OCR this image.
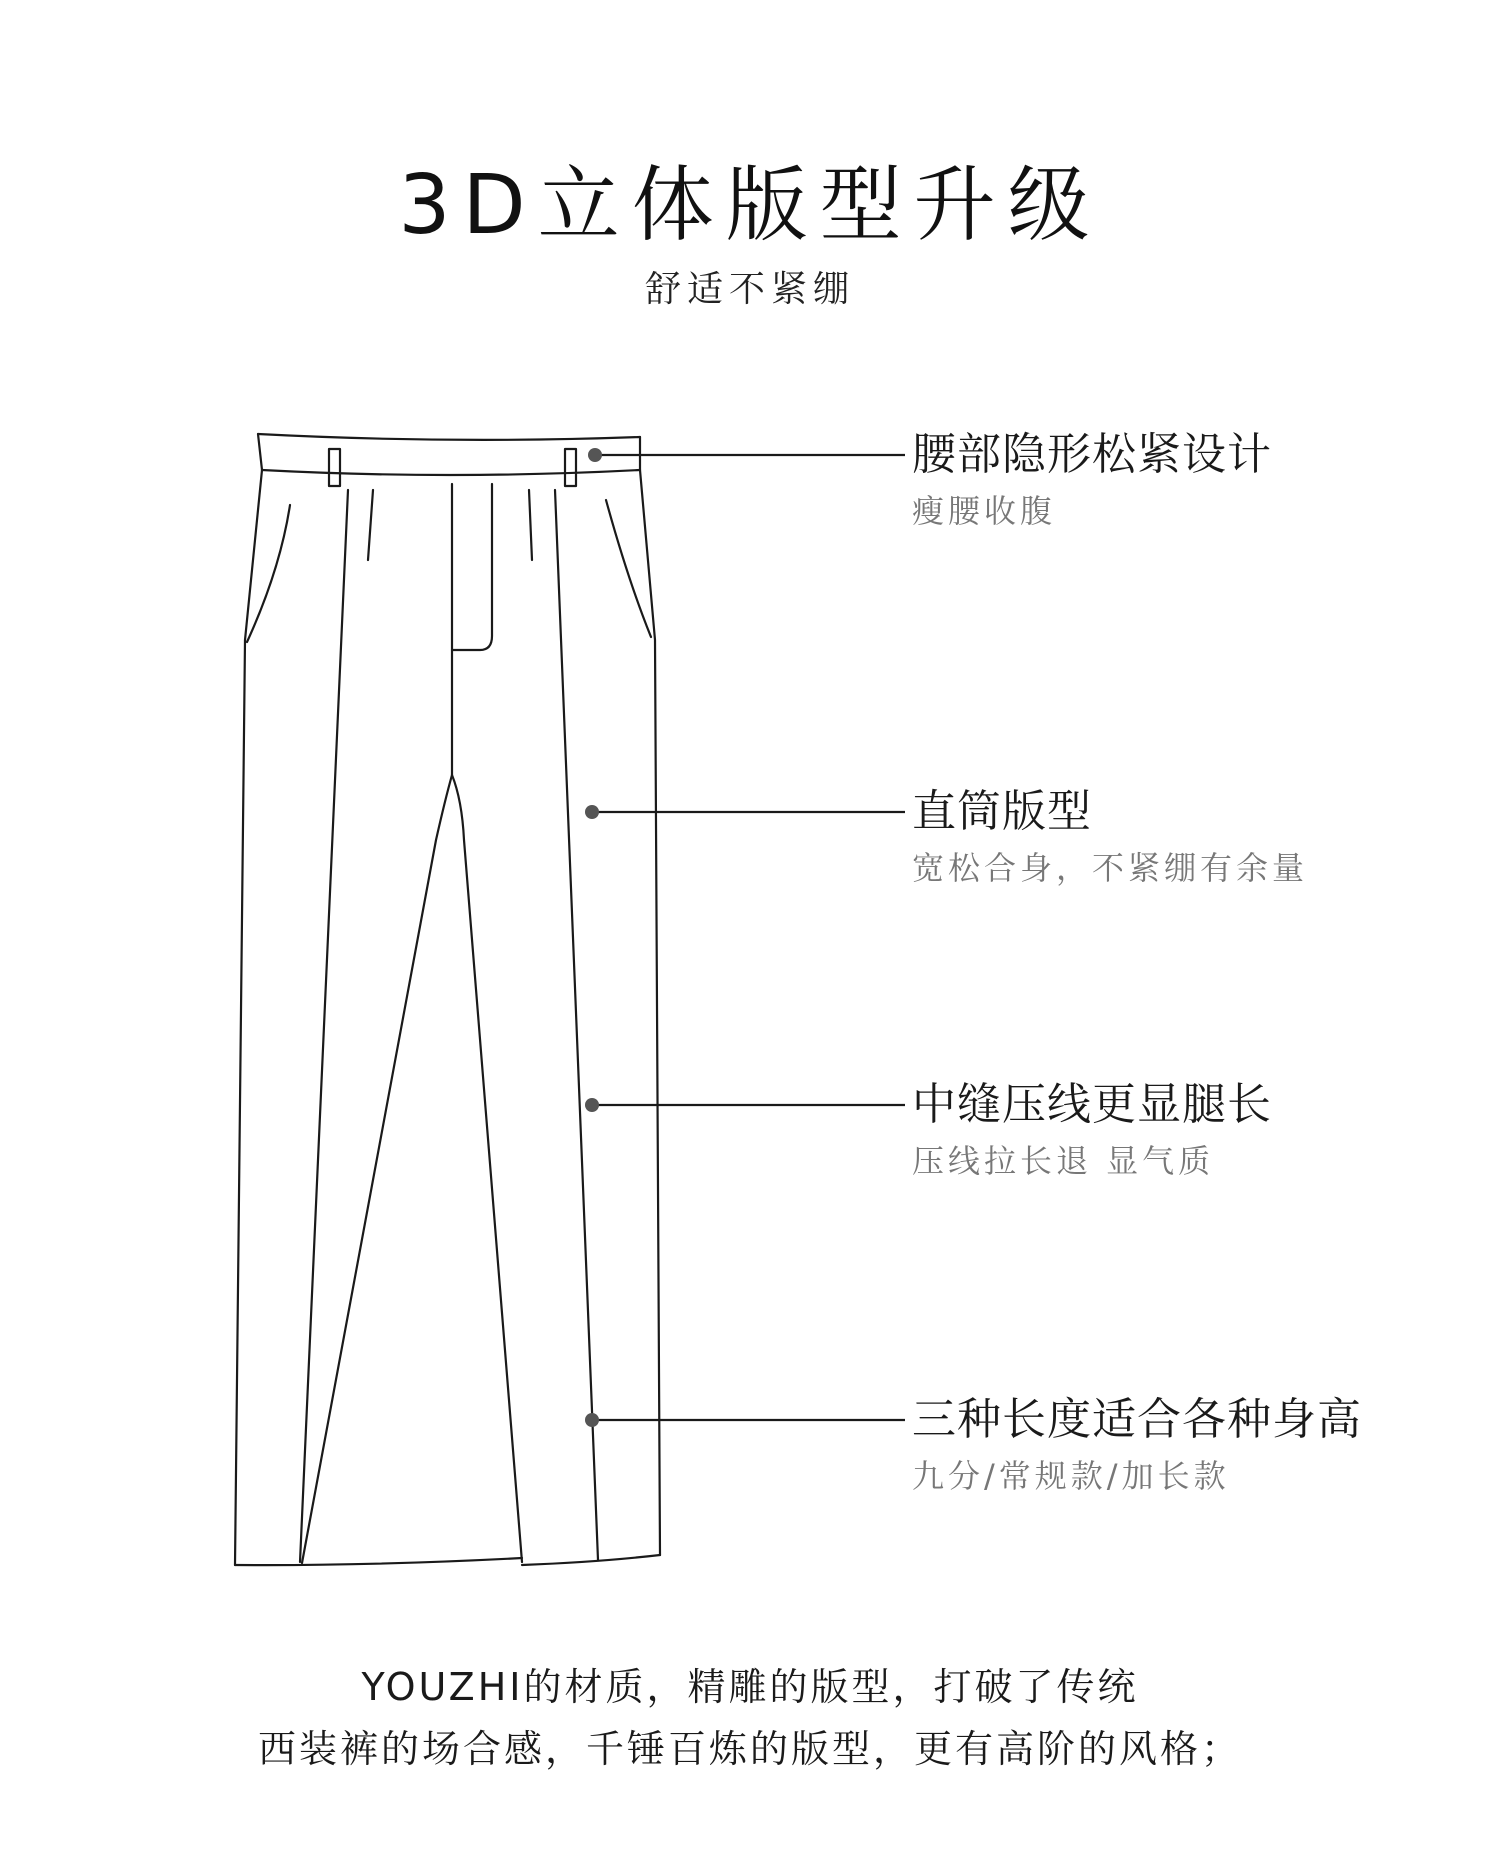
3D立体版型升级
舒适不紧绷
腰部隐形松紧设计
瘦腰收腹
直筒版型
宽松合身，不紧绷有余量
中缝压线更显腿长
压线拉长退 显气质
三种长度适合各种身高
九分/常规款/加长款
YOUZHI的材质，精雕的版型，打破了传统
西装裤的场合感，千锤百炼的版型，更有高阶的风格；
